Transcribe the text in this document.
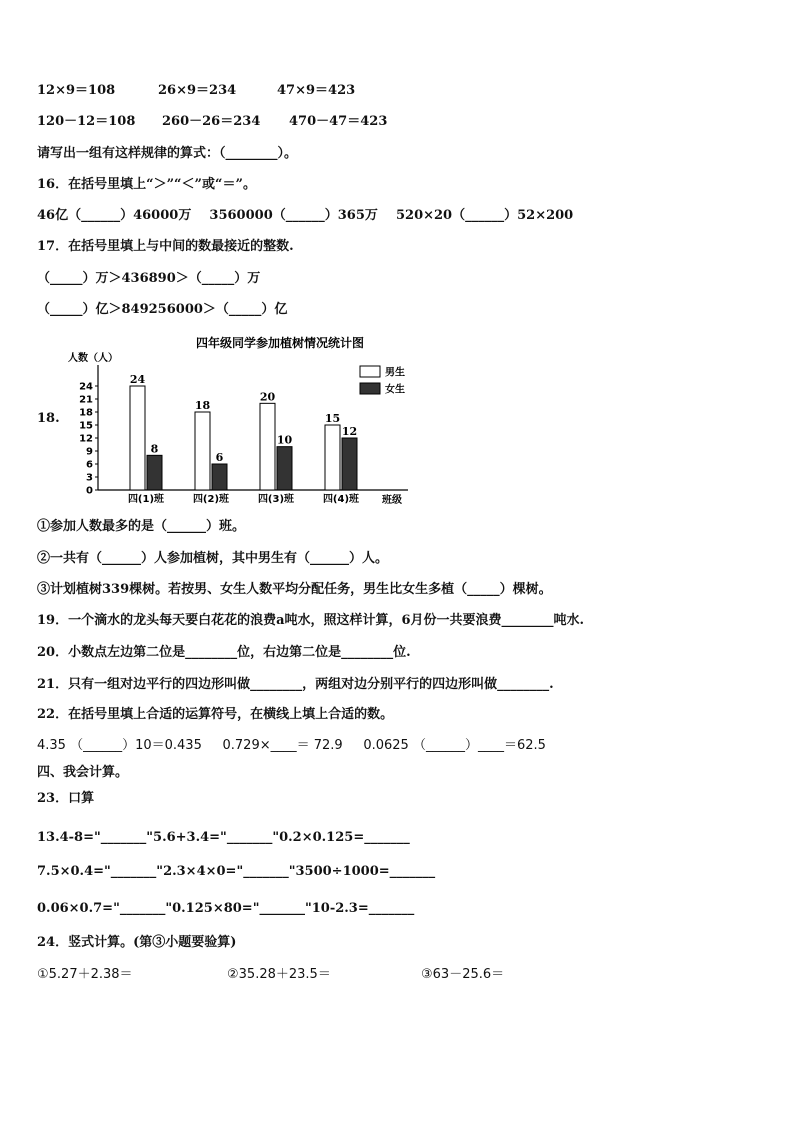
12×9＝108	26×9＝234	47×9＝423
120－12＝108 260－26＝234 470－47＝423
请写出一组有这样规律的算式：（________）。
16．在括号里填上“＞”“＜”或“＝”。
46亿（______）46000万    3560000（______）365万    520×20（______）52×200
17．在括号里填上与中间的数最接近的整数.
（_____）万＞436890＞（_____）万
（_____）亿＞849256000＞（_____）亿
18.
四年级同学参加植树情况统计图
人数（人）
班级
0
3
6
9
12
15
18
21
24
24
8
四(1)班
18
6
四(2)班
20
10
四(3)班
15
12
四(4)班
男生
女生
①参加人数最多的是（______）班。
②一共有（______）人参加植树，其中男生有（______）人。
③计划植树339棵树。若按男、女生人数平均分配任务，男生比女生多植（_____）棵树。
19．一个滴水的龙头每天要白花花的浪费a吨水，照这样计算，6月份一共要浪费________吨水.
20．小数点左边第二位是________位，右边第二位是________位.
21．只有一组对边平行的四边形叫做________，两组对边分别平行的四边形叫做________.
22．在括号里填上合适的运算符号，在横线上填上合适的数。
4.35 （______）10＝0.435     0.729×____＝ 72.9     0.0625 （______）____＝62.5
四、我会计算。
23．口算
13.4-8="_______"5.6+3.4="_______"0.2×0.125=_______
7.5×0.4="_______"2.3×4×0="_______"3500÷1000=_______
0.06×0.7="_______"0.125×80="_______"10-2.3=_______
24．竖式计算。(第③小题要验算)
①5.27＋2.38＝	②35.28＋23.5＝	③63－25.6＝
